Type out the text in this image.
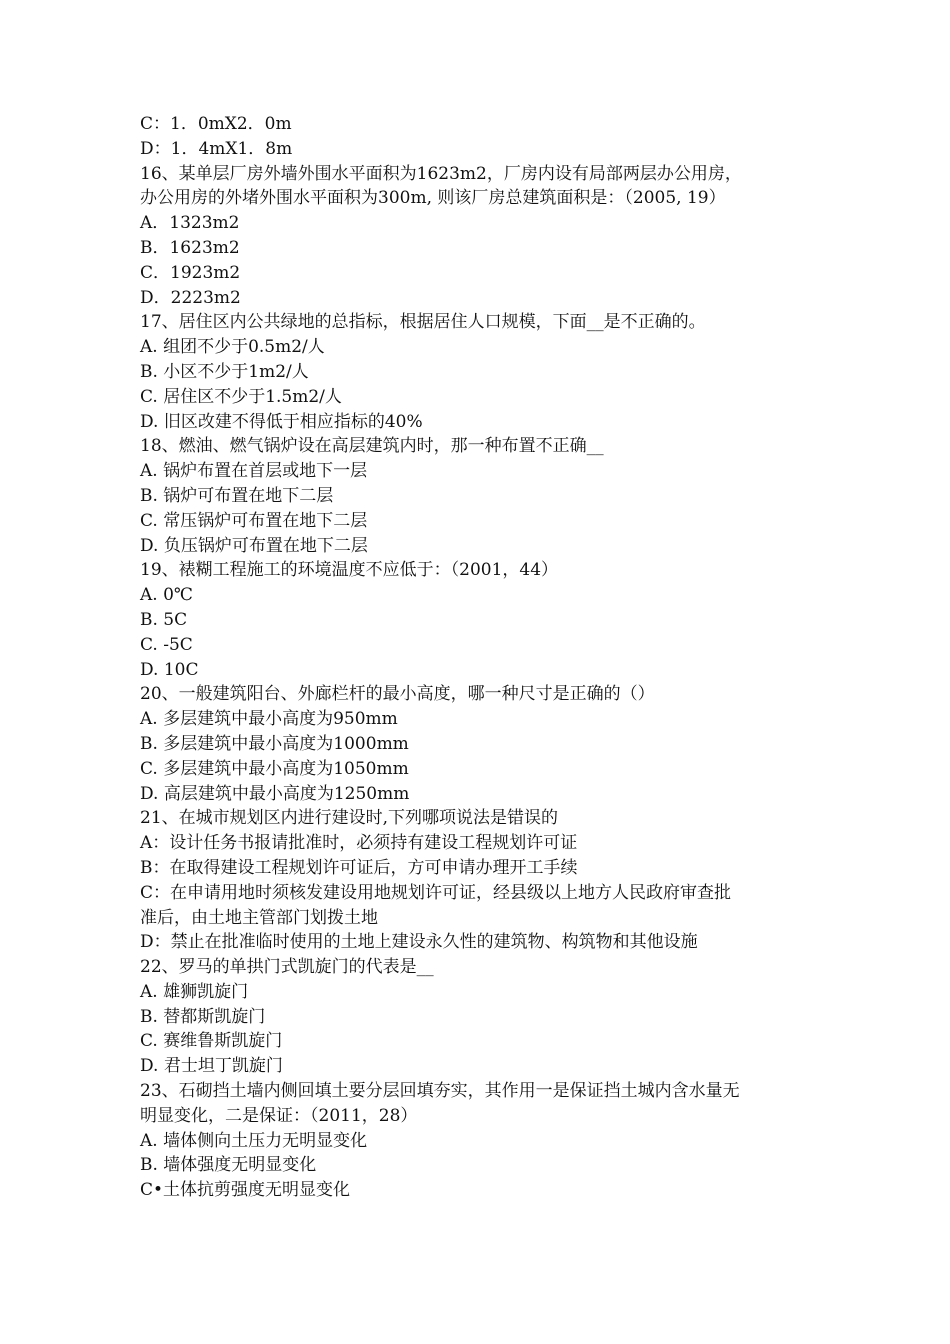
C：1．0mX2．0m
D：1．4mX1．8m
16、某单层厂房外墙外围水平面积为1623m2，厂房内设有局部两层办公用房，
办公用房的外堵外围水平面积为300m, 则该厂房总建筑面积是：（2005, 19）
A．1323m2
B．1623m2
C．1923m2
D．2223m2
17、居住区内公共绿地的总指标，根据居住人口规模，下面__是不正确的。
A. 组团不少于0.5m2/人
B. 小区不少于1m2/人
C. 居住区不少于1.5m2/人
D. 旧区改建不得低于相应指标的40%
18、燃油、燃气锅炉设在高层建筑内时，那一种布置不正确__
A. 锅炉布置在首层或地下一层
B. 锅炉可布置在地下二层
C. 常压锅炉可布置在地下二层
D. 负压锅炉可布置在地下二层
19、裱糊工程施工的环境温度不应低于：（2001，44）
A. 0℃
B. 5C
C. -5C
D. 10C
20、一般建筑阳台、外廊栏杆的最小高度，哪一种尺寸是正确的（）
A. 多层建筑中最小高度为950mm
B. 多层建筑中最小高度为1000mm
C. 多层建筑中最小高度为1050mm
D. 高层建筑中最小高度为1250mm
21、在城市规划区内进行建设时,下列哪项说法是错误的
A：设计任务书报请批准时，必须持有建设工程规划许可证
B：在取得建设工程规划许可证后，方可申请办理开工手续
C：在申请用地时须核发建设用地规划许可证，经县级以上地方人民政府审查批
准后，由土地主管部门划拨土地
D：禁止在批准临时使用的土地上建设永久性的建筑物、构筑物和其他设施
22、罗马的单拱门式凯旋门的代表是__
A. 雄狮凯旋门
B. 替都斯凯旋门
C. 赛维鲁斯凯旋门
D. 君士坦丁凯旋门
23、石砌挡土墙内侧回填土要分层回填夯实，其作用一是保证挡土城内含水量无
明显变化，二是保证：（2011，28）
A. 墙体侧向土压力无明显变化
B. 墙体强度无明显变化
C•土体抗剪强度无明显变化
